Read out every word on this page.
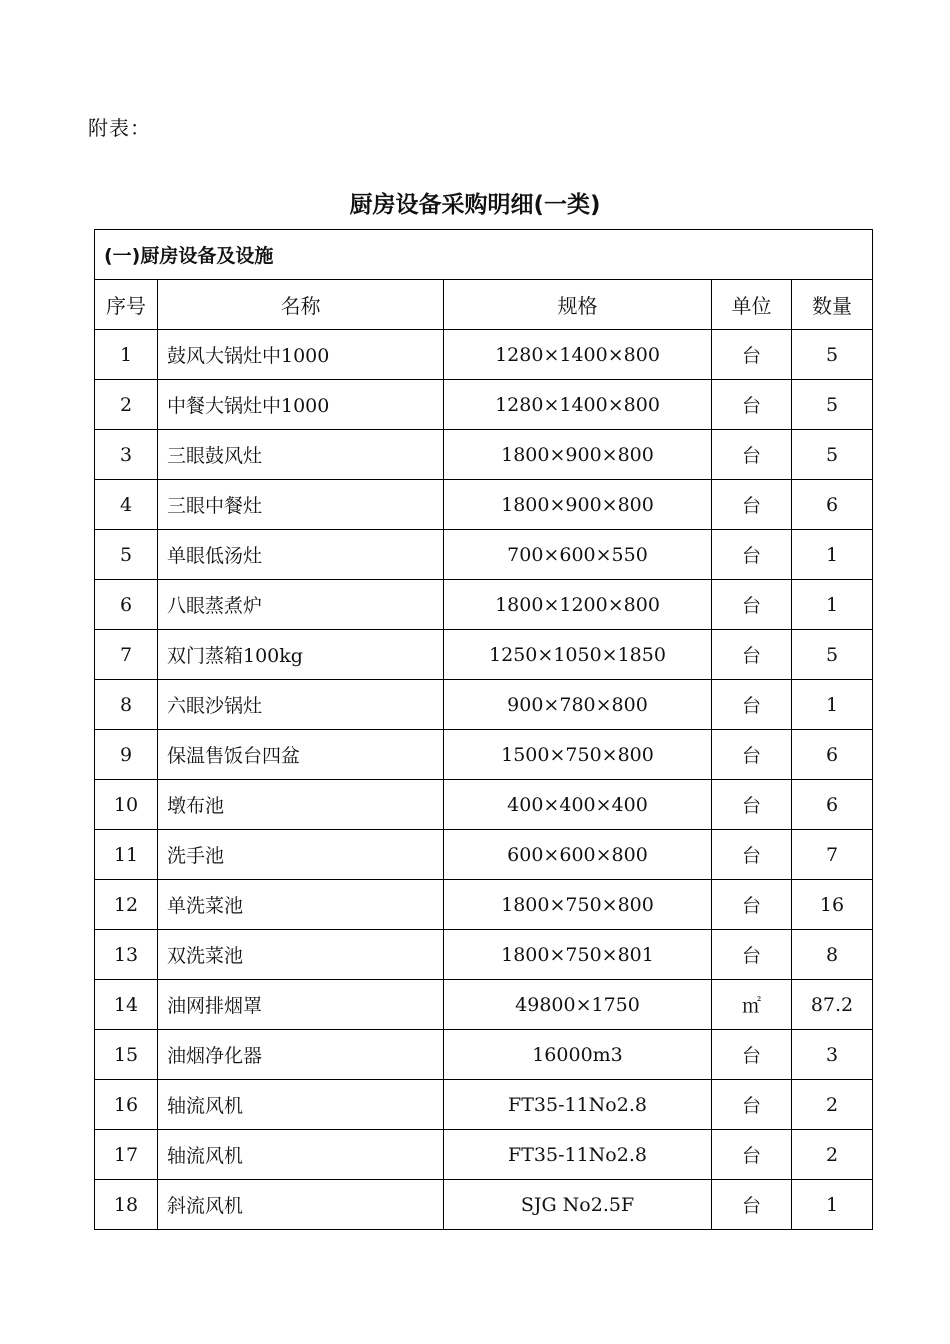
附表：
厨房设备采购明细(一类)
(一)厨房设备及设施				
序号	名称	规格	单位	数量
1	鼓风大锅灶中1000	1280×1400×800	台	5
2	中餐大锅灶中1000	1280×1400×800	台	5
3	三眼鼓风灶	1800×900×800	台	5
4	三眼中餐灶	1800×900×800	台	6
5	单眼低汤灶	700×600×550	台	1
6	八眼蒸煮炉	1800×1200×800	台	1
7	双门蒸箱100kg	1250×1050×1850	台	5
8	六眼沙锅灶	900×780×800	台	1
9	保温售饭台四盆	1500×750×800	台	6
10	墩布池	400×400×400	台	6
11	洗手池	600×600×800	台	7
12	单洗菜池	1800×750×800	台	16
13	双洗菜池	1800×750×801	台	8
14	油网排烟罩	49800×1750	㎡	87.2
15	油烟净化器	16000m3	台	3
16	轴流风机	FT35-11No2.8	台	2
17	轴流风机	FT35-11No2.8	台	2
18	斜流风机	SJG No2.5F	台	1
